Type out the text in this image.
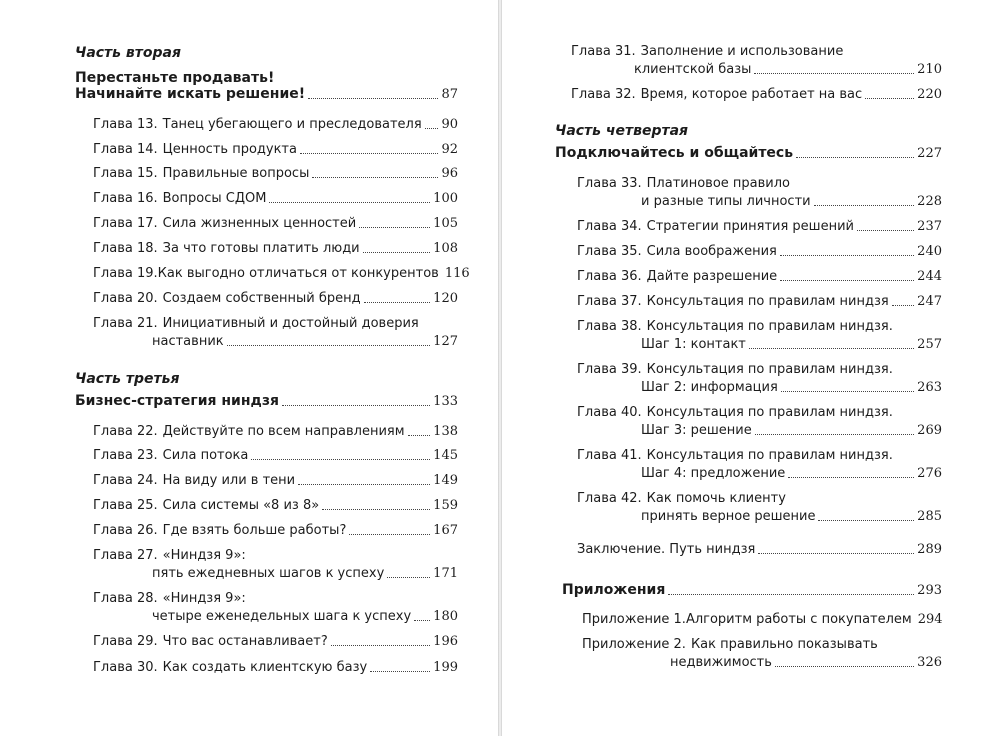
Часть вторая
Перестаньте продавать!
Начинайте искать решение!	87
Глава 13. Танец убегающего и преследователя 90
Глава 14. Ценность продукта	92
Глава 15. Правильные вопросы	96
Глава 16. Вопросы СДОМ	100
Глава 17. Сила жизненных ценностей	105
Глава 18. За что готовы платить люди	108
Глава 19. Как выгодно отличаться от конкурентов 116
Глава 20. Создаем собственный бренд	120
Глава 21. Инициативный и достойный доверия
наставник	127
Часть третья
Бизнес-стратегия ниндзя	133
Глава 22. Действуйте по всем направлениям 138
Глава 23. Сила потока	145
Глава 24. На виду или в тени	149
Глава 25. Сила системы «8 из 8»	159
Глава 26. Где взять больше работы?	167
Глава 27. «Ниндзя 9»:
пять ежедневных шагов к успеху	171
Глава 28. «Ниндзя 9»:
четыре еженедельных шага к успеху 180
Глава 29. Что вас останавливает?	196
Глава 30. Как создать клиентскую базу	199
Глава 31. Заполнение и использование
клиентской базы	210
Глава 32. Время, которое работает на вас	220
Часть четвертая
Подключайтесь и общайтесь	227
Глава 33. Платиновое правило
и разные типы личности	228
Глава 34. Стратегии принятия решений	237
Глава 35. Сила воображения	240
Глава 36. Дайте разрешение	244
Глава 37. Консультация по правилам ниндзя 247
Глава 38. Консультация по правилам ниндзя.
Шаг 1: контакт	257
Глава 39. Консультация по правилам ниндзя.
Шаг 2: информация	263
Глава 40. Консультация по правилам ниндзя.
Шаг 3: решение	269
Глава 41. Консультация по правилам ниндзя.
Шаг 4: предложение	276
Глава 42. Как помочь клиенту
принять верное решение	285
Заключение. Путь ниндзя	289
Приложения	293
Приложение 1. Алгоритм работы с покупателем 294
Приложение 2. Как правильно показывать
недвижимость	326
